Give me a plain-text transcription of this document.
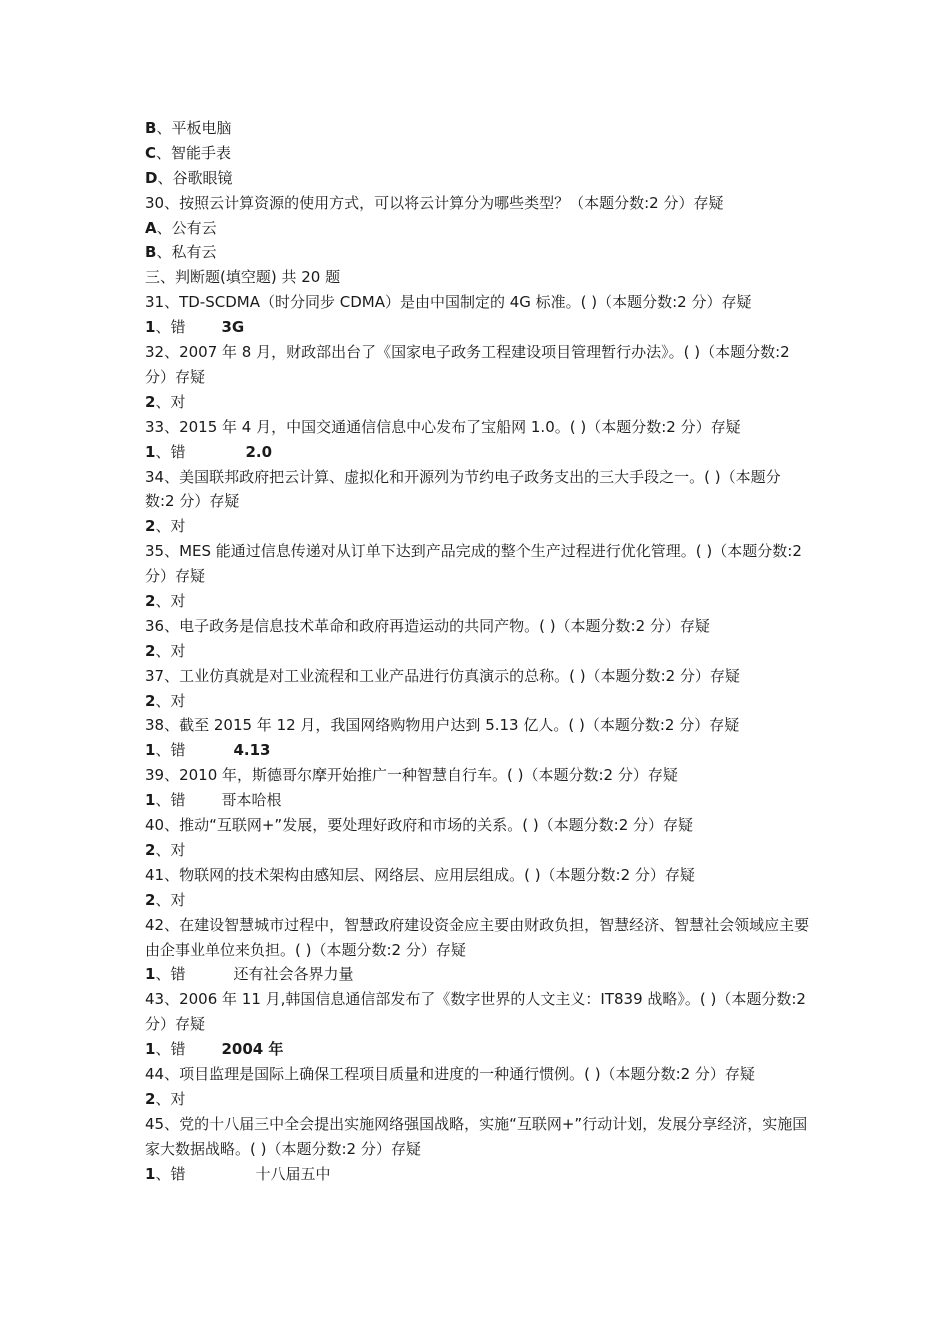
B、平板电脑
C、智能手表
D、谷歌眼镜
30、按照云计算资源的使用方式，可以将云计算分为哪些类型？（本题分数:2 分）存疑
A、公有云
B、私有云
三、判断题(填空题) 共 20 题
31、TD-SCDMA（时分同步 CDMA）是由中国制定的 4G 标准。( )（本题分数:2 分）存疑
1、错 3G
32、2007 年 8 月，财政部出台了《国家电子政务工程建设项目管理暂行办法》。( )（本题分数:2 分）存疑
2、对
33、2015 年 4 月，中国交通通信信息中心发布了宝船网 1.0。( )（本题分数:2 分）存疑
1、错	2.0
34、美国联邦政府把云计算、虚拟化和开源列为节约电子政务支出的三大手段之一。( )（本题分数:2 分）存疑
2、对
35、MES 能通过信息传递对从订单下达到产品完成的整个生产过程进行优化管理。( )（本题分数:2 分）存疑
2、对
36、电子政务是信息技术革命和政府再造运动的共同产物。( )（本题分数:2 分）存疑
2、对
37、工业仿真就是对工业流程和工业产品进行仿真演示的总称。( )（本题分数:2 分）存疑
2、对
38、截至 2015 年 12 月，我国网络购物用户达到 5.13 亿人。( )（本题分数:2 分）存疑
1、错	4.13
39、2010 年，斯德哥尔摩开始推广一种智慧自行车。( )（本题分数:2 分）存疑
1、错 哥本哈根
40、推动“互联网+”发展，要处理好政府和市场的关系。( )（本题分数:2 分）存疑
2、对
41、物联网的技术架构由感知层、网络层、应用层组成。( )（本题分数:2 分）存疑
2、对
42、在建设智慧城市过程中，智慧政府建设资金应主要由财政负担，智慧经济、智慧社会领域应主要由企事业单位来负担。( )（本题分数:2 分）存疑
1、错	还有社会各界力量
43、2006 年 11 月,韩国信息通信部发布了《数字世界的人文主义：IT839 战略》。( )（本题分数:2 分）存疑
1、错 2004 年
44、项目监理是国际上确保工程项目质量和进度的一种通行惯例。( )（本题分数:2 分）存疑
2、对
45、党的十八届三中全会提出实施网络强国战略，实施“互联网+”行动计划，发展分享经济，实施国家大数据战略。( )（本题分数:2 分）存疑
1、错	十八届五中
